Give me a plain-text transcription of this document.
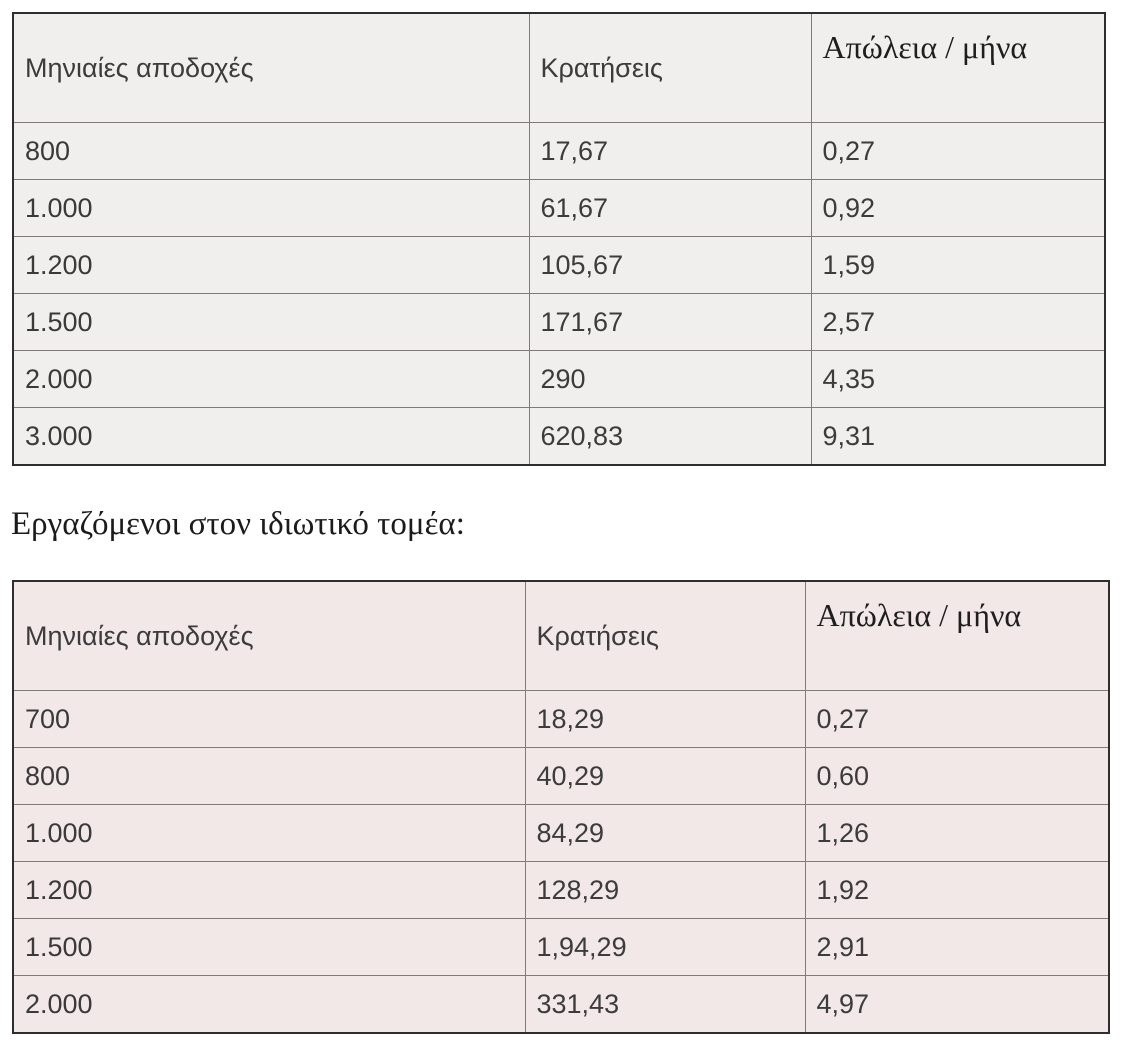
Μηνιαίες αποδοχές	Κρατήσεις	Απώλεια / μήνα
800	17,67	0,27
1.000	61,67	0,92
1.200	105,67	1,59
1.500	171,67	2,57
2.000	290	4,35
3.000	620,83	9,31

Εργαζόμενοι στον ιδιωτικό τομέα:

Μηνιαίες αποδοχές	Κρατήσεις	Απώλεια / μήνα
700	18,29	0,27
800	40,29	0,60
1.000	84,29	1,26
1.200	128,29	1,92
1.500	1,94,29	2,91
2.000	331,43	4,97
